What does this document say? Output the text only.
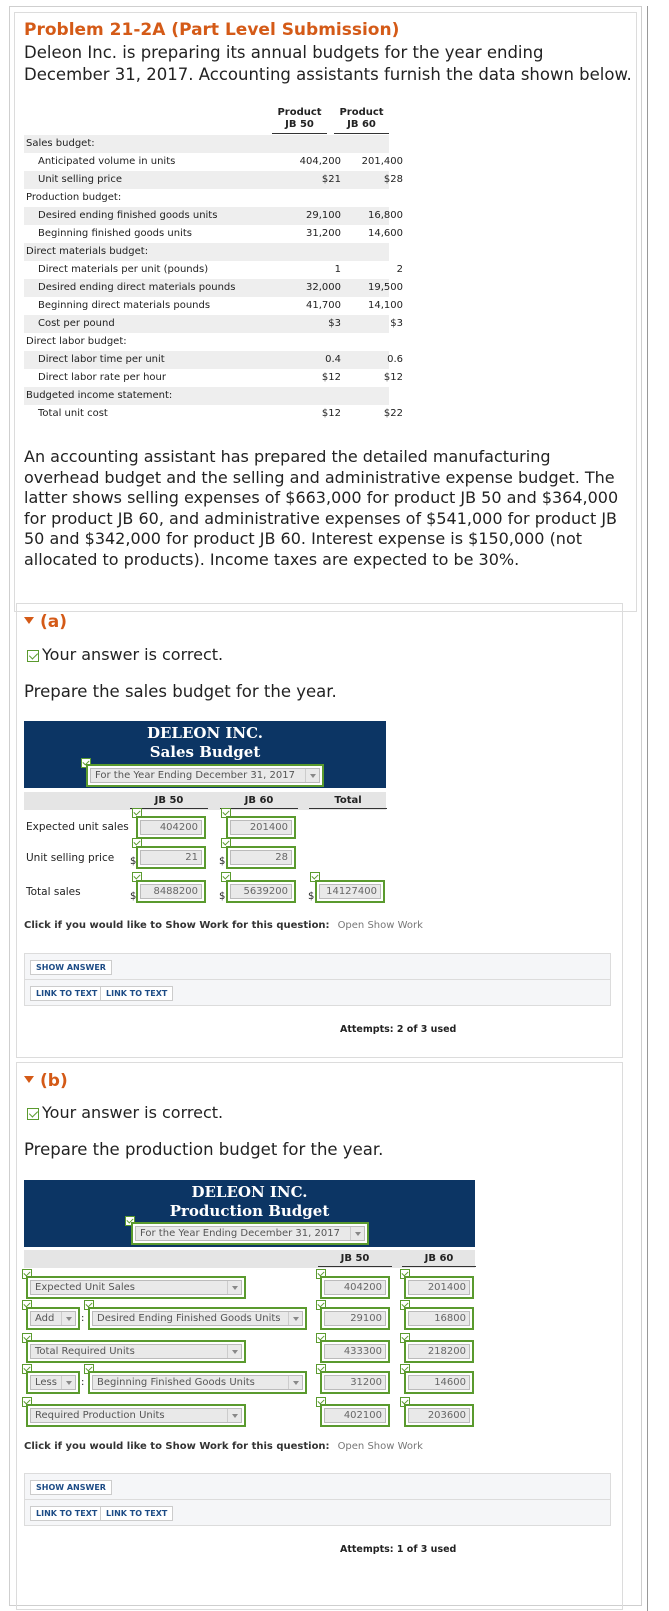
Problem 21-2A (Part Level Submission)
Deleon Inc. is preparing its annual budgets for the year ending December 31, 2017. Accounting assistants furnish the data shown below.
Product
JB 50
Product
JB 60
Sales budget:
Anticipated volume in units	404,200	201,400
Unit selling price	$21	$28
Production budget:
Desired ending finished goods units	29,100	16,800
Beginning finished goods units	31,200	14,600
Direct materials budget:
Direct materials per unit (pounds)	1	2
Desired ending direct materials pounds	32,000	19,500
Beginning direct materials pounds	41,700	14,100
Cost per pound	$3	$3
Direct labor budget:
Direct labor time per unit	0.4	0.6
Direct labor rate per hour	$12	$12
Budgeted income statement:
Total unit cost	$12	$22
An accounting assistant has prepared the detailed manufacturing overhead budget and the selling and administrative expense budget. The latter shows selling expenses of $663,000 for product JB 50 and $364,000 for product JB 60, and administrative expenses of $541,000 for product JB 50 and $342,000 for product JB 60. Interest expense is $150,000 (not allocated to products). Income taxes are expected to be 30%.
(a)
Your answer is correct.
Prepare the sales budget for the year.
DELEON INC.
Sales Budget
For the Year Ending December 31, 2017
JB 50	JB 60	Total
Expected unit sales	404200	201400
Unit selling price $	21	$	28
Total sales	$	8488200	$	5639200	$	14127400
Click if you would like to Show Work for this question: Open Show Work
SHOW ANSWER
LINK TO TEXT	LINK TO TEXT
Attempts: 2 of 3 used
(b)
Your answer is correct.
Prepare the production budget for the year.
DELEON INC.
Production Budget
For the Year Ending December 31, 2017
JB 50	JB 60
Expected Unit Sales	404200	201400
Add	:	Desired Ending Finished Goods Units	29100	16800
Total Required Units	433300	218200
Less	:	Beginning Finished Goods Units	31200	14600
Required Production Units	402100	203600
Click if you would like to Show Work for this question: Open Show Work
SHOW ANSWER
LINK TO TEXT	LINK TO TEXT
Attempts: 1 of 3 used
